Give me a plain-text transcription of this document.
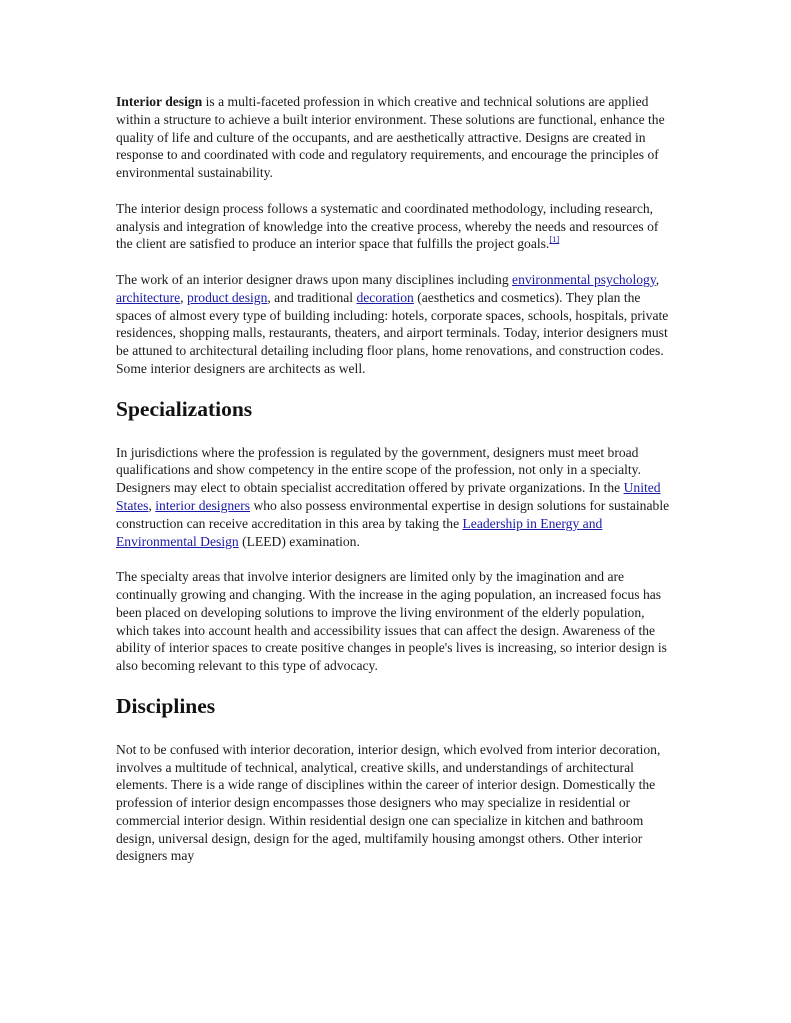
Interior design is a multi-faceted profession in which creative and technical solutions are applied within a structure to achieve a built interior environment. These solutions are functional, enhance the quality of life and culture of the occupants, and are aesthetically attractive. Designs are created in response to and coordinated with code and regulatory requirements, and encourage the principles of environmental sustainability.

The interior design process follows a systematic and coordinated methodology, including research, analysis and integration of knowledge into the creative process, whereby the needs and resources of the client are satisfied to produce an interior space that fulfills the project goals.[1]

The work of an interior designer draws upon many disciplines including environmental psychology, architecture, product design, and traditional decoration (aesthetics and cosmetics). They plan the spaces of almost every type of building including: hotels, corporate spaces, schools, hospitals, private residences, shopping malls, restaurants, theaters, and airport terminals. Today, interior designers must be attuned to architectural detailing including floor plans, home renovations, and construction codes. Some interior designers are architects as well.

Specializations

In jurisdictions where the profession is regulated by the government, designers must meet broad qualifications and show competency in the entire scope of the profession, not only in a specialty. Designers may elect to obtain specialist accreditation offered by private organizations. In the United States, interior designers who also possess environmental expertise in design solutions for sustainable construction can receive accreditation in this area by taking the Leadership in Energy and Environmental Design (LEED) examination.

The specialty areas that involve interior designers are limited only by the imagination and are continually growing and changing. With the increase in the aging population, an increased focus has been placed on developing solutions to improve the living environment of the elderly population, which takes into account health and accessibility issues that can affect the design. Awareness of the ability of interior spaces to create positive changes in people's lives is increasing, so interior design is also becoming relevant to this type of advocacy.

Disciplines

Not to be confused with interior decoration, interior design, which evolved from interior decoration, involves a multitude of technical, analytical, creative skills, and understandings of architectural elements. There is a wide range of disciplines within the career of interior design. Domestically the profession of interior design encompasses those designers who may specialize in residential or commercial interior design. Within residential design one can specialize in kitchen and bathroom design, universal design, design for the aged, multifamily housing amongst others. Other interior designers may
